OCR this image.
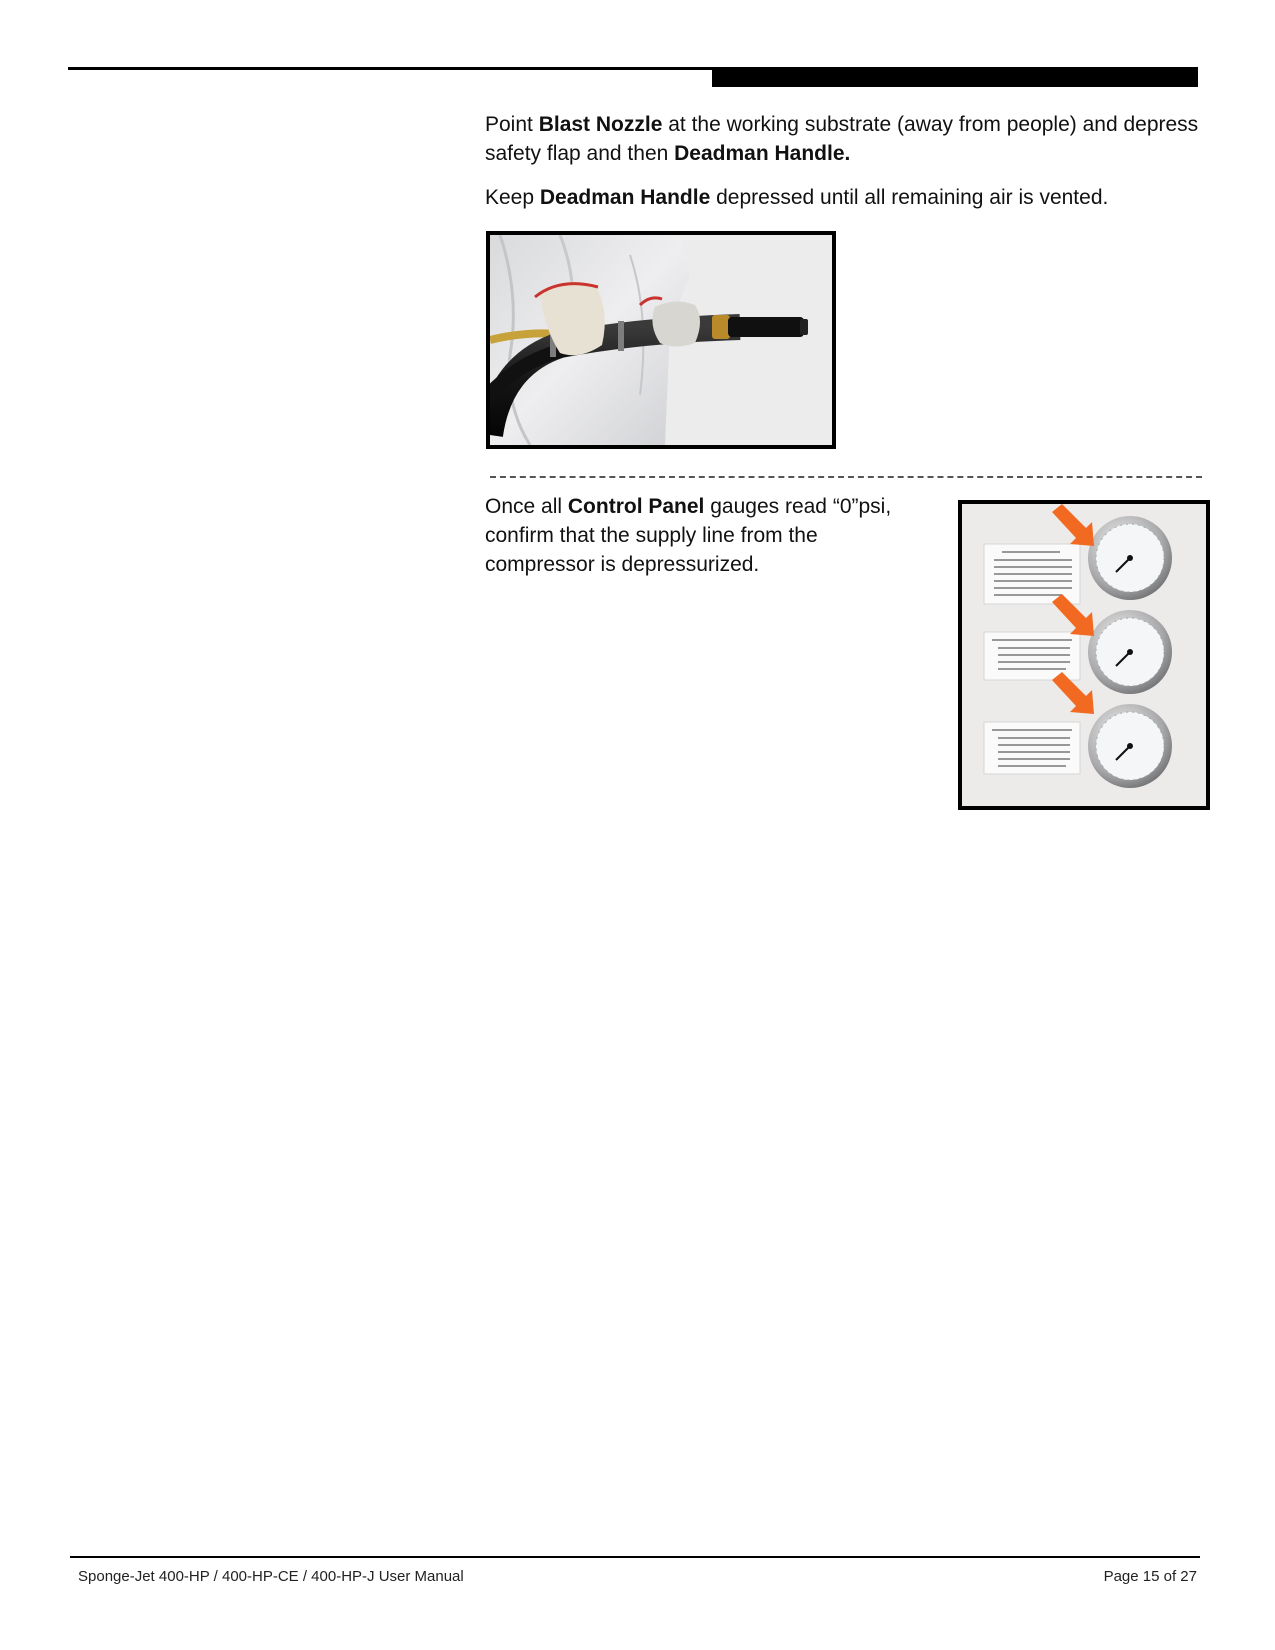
Point Blast Nozzle at the working substrate (away from people) and depress safety flap and then Deadman Handle.

Keep Deadman Handle depressed until all remaining air is vented.

Once all Control Panel gauges read “0”psi, confirm that the supply line from the compressor is depressurized.

Sponge-Jet 400-HP / 400-HP-CE / 400-HP-J User Manual	Page 15 of 27
